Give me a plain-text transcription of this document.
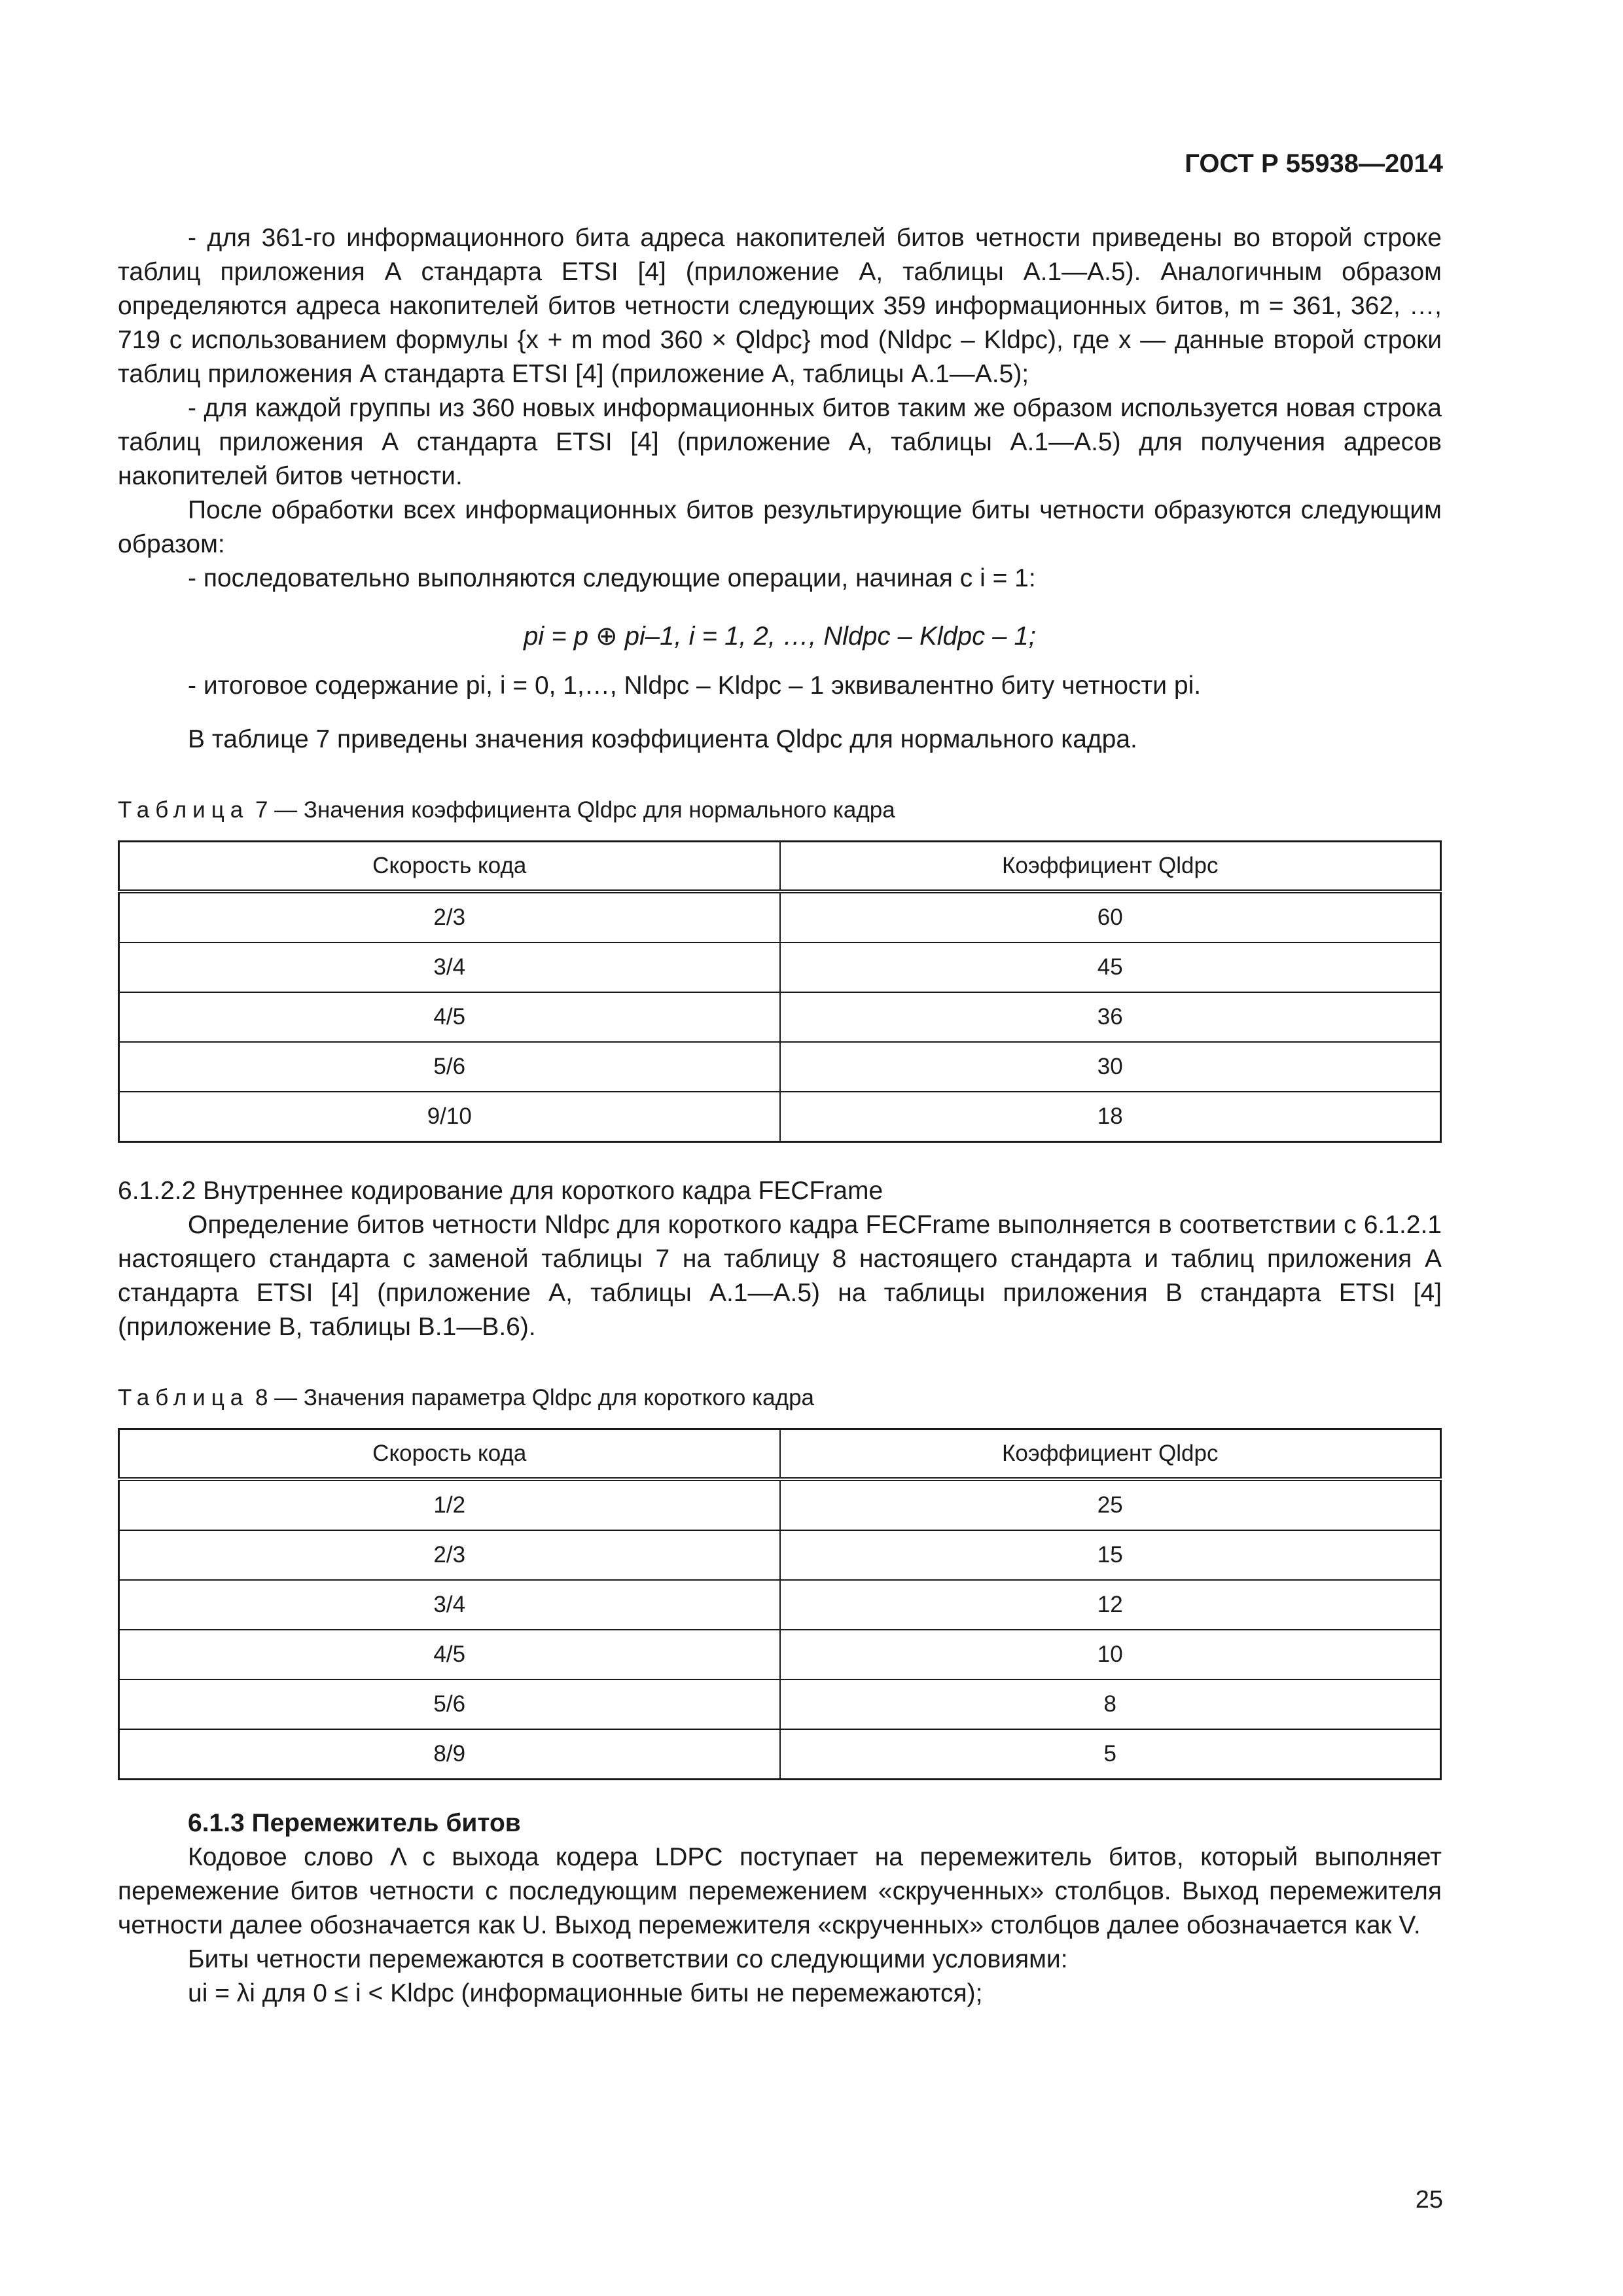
ГОСТ Р 55938—2014

- для 361-го информационного бита адреса накопителей битов четности приведены во второй строке таблиц приложения А стандарта ETSI [4] (приложение А, таблицы А.1—А.5). Аналогичным образом определяются адреса накопителей битов четности следующих 359 информационных битов, m = 361, 362, …, 719 с использованием формулы {x + m mod 360 × Qldpc} mod (Nldpc – Kldpc), где x — данные второй строки таблиц приложения А стандарта ETSI [4] (приложение А, таблицы А.1—А.5);

- для каждой группы из 360 новых информационных битов таким же образом используется новая строка таблиц приложения А стандарта ETSI [4] (приложение А, таблицы А.1—А.5) для получения адресов накопителей битов четности.

После обработки всех информационных битов результирующие биты четности образуются следующим образом:

- последовательно выполняются следующие операции, начиная с i = 1:

pi = p ⊕ pi–1, i = 1, 2, …, Nldpc – Kldpc – 1;

- итоговое содержание pi, i = 0, 1,…, Nldpc – Kldpc – 1 эквивалентно биту четности pi.

В таблице 7 приведены значения коэффициента Qldpc для нормального кадра.

Таблица 7 — Значения коэффициента Qldpc для нормального кадра
Скорость кода	Коэффициент Qldpc
2/3	60
3/4	45
4/5	36
5/6	30
9/10	18

6.1.2.2 Внутреннее кодирование для короткого кадра FECFrame

Определение битов четности Nldpc для короткого кадра FECFrame выполняется в соответствии с 6.1.2.1 настоящего стандарта с заменой таблицы 7 на таблицу 8 настоящего стандарта и таблиц приложения А стандарта ETSI [4] (приложение А, таблицы А.1—А.5) на таблицы приложения В стандарта ETSI [4] (приложение В, таблицы В.1—В.6).

Таблица 8 — Значения параметра Qldpc для короткого кадра
Скорость кода	Коэффициент Qldpc
1/2	25
2/3	15
3/4	12
4/5	10
5/6	8
8/9	5

6.1.3 Перемежитель битов

Кодовое слово Λ с выхода кодера LDPC поступает на перемежитель битов, который выполняет перемежение битов четности с последующим перемежением «скрученных» столбцов. Выход перемежителя четности далее обозначается как U. Выход перемежителя «скрученных» столбцов далее обозначается как V.

Биты четности перемежаются в соответствии со следующими условиями:

ui = λi для 0 ≤ i < Kldpc (информационные биты не перемежаются);

25
